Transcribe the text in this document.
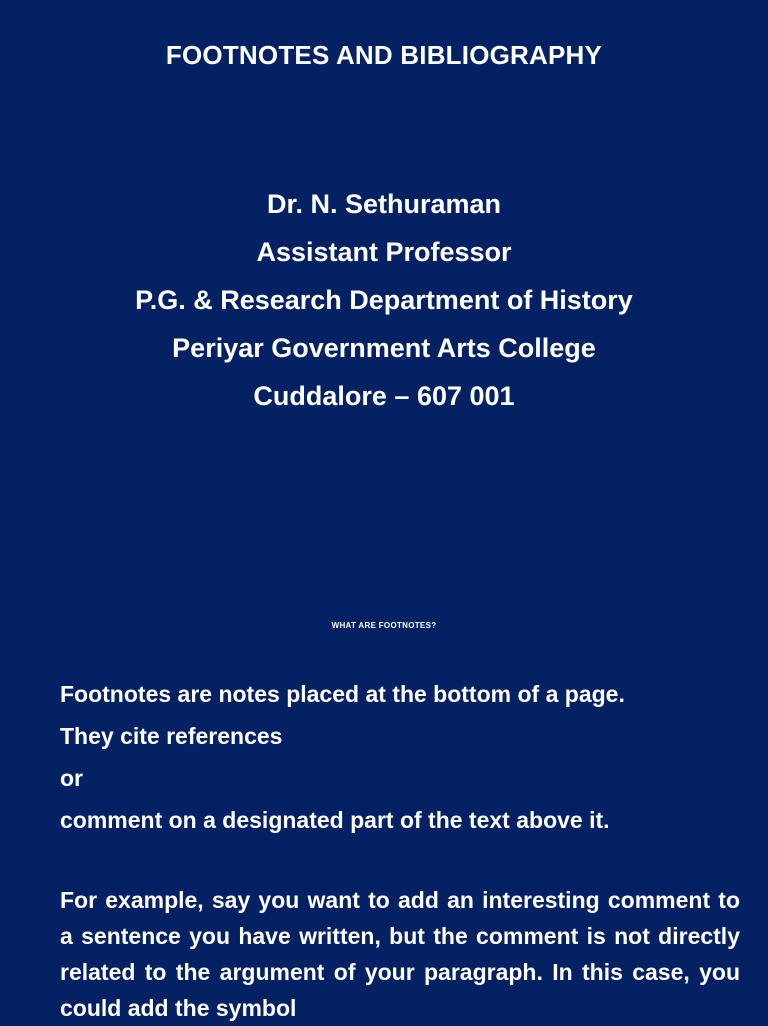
FOOTNOTES AND BIBLIOGRAPHY
Dr. N. Sethuraman
Assistant Professor
P.G. & Research Department of History
Periyar Government Arts College
Cuddalore – 607 001
WHAT ARE FOOTNOTES?
Footnotes are notes placed at the bottom of a page.
They cite references
or
comment on a designated part of the text above it.
For example, say you want to add an interesting comment to a sentence you have written, but the comment is not directly related to the argument of your paragraph. In this case, you could add the symbol
